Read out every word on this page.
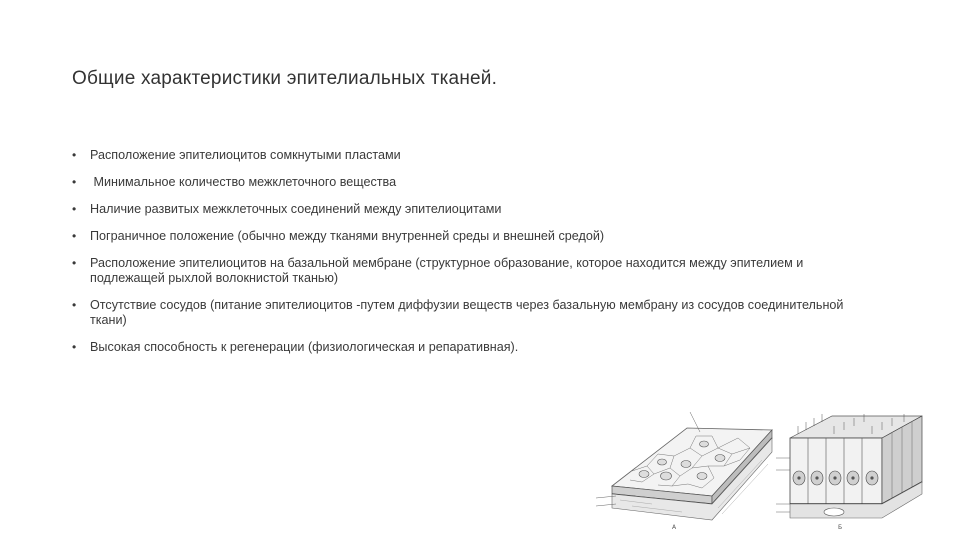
Общие характеристики эпителиальных тканей.
• Расположение эпителиоцитов сомкнутыми пластами
• Минимальное количество межклеточного вещества
• Наличие развитых межклеточных соединений между эпителиоцитами
• Пограничное положение (обычно между тканями внутренней среды и внешней средой)
• Расположение эпителиоцитов на базальной мембране (структурное образование, которое находится между эпителием и подлежащей рыхлой волокнистой тканью)
• Отсутствие сосудов (питание эпителиоцитов -путем диффузии веществ через базальную мембрану из сосудов соединительной ткани)
• Высокая способность к регенерации (физиологическая и репаративная).
А	Б
